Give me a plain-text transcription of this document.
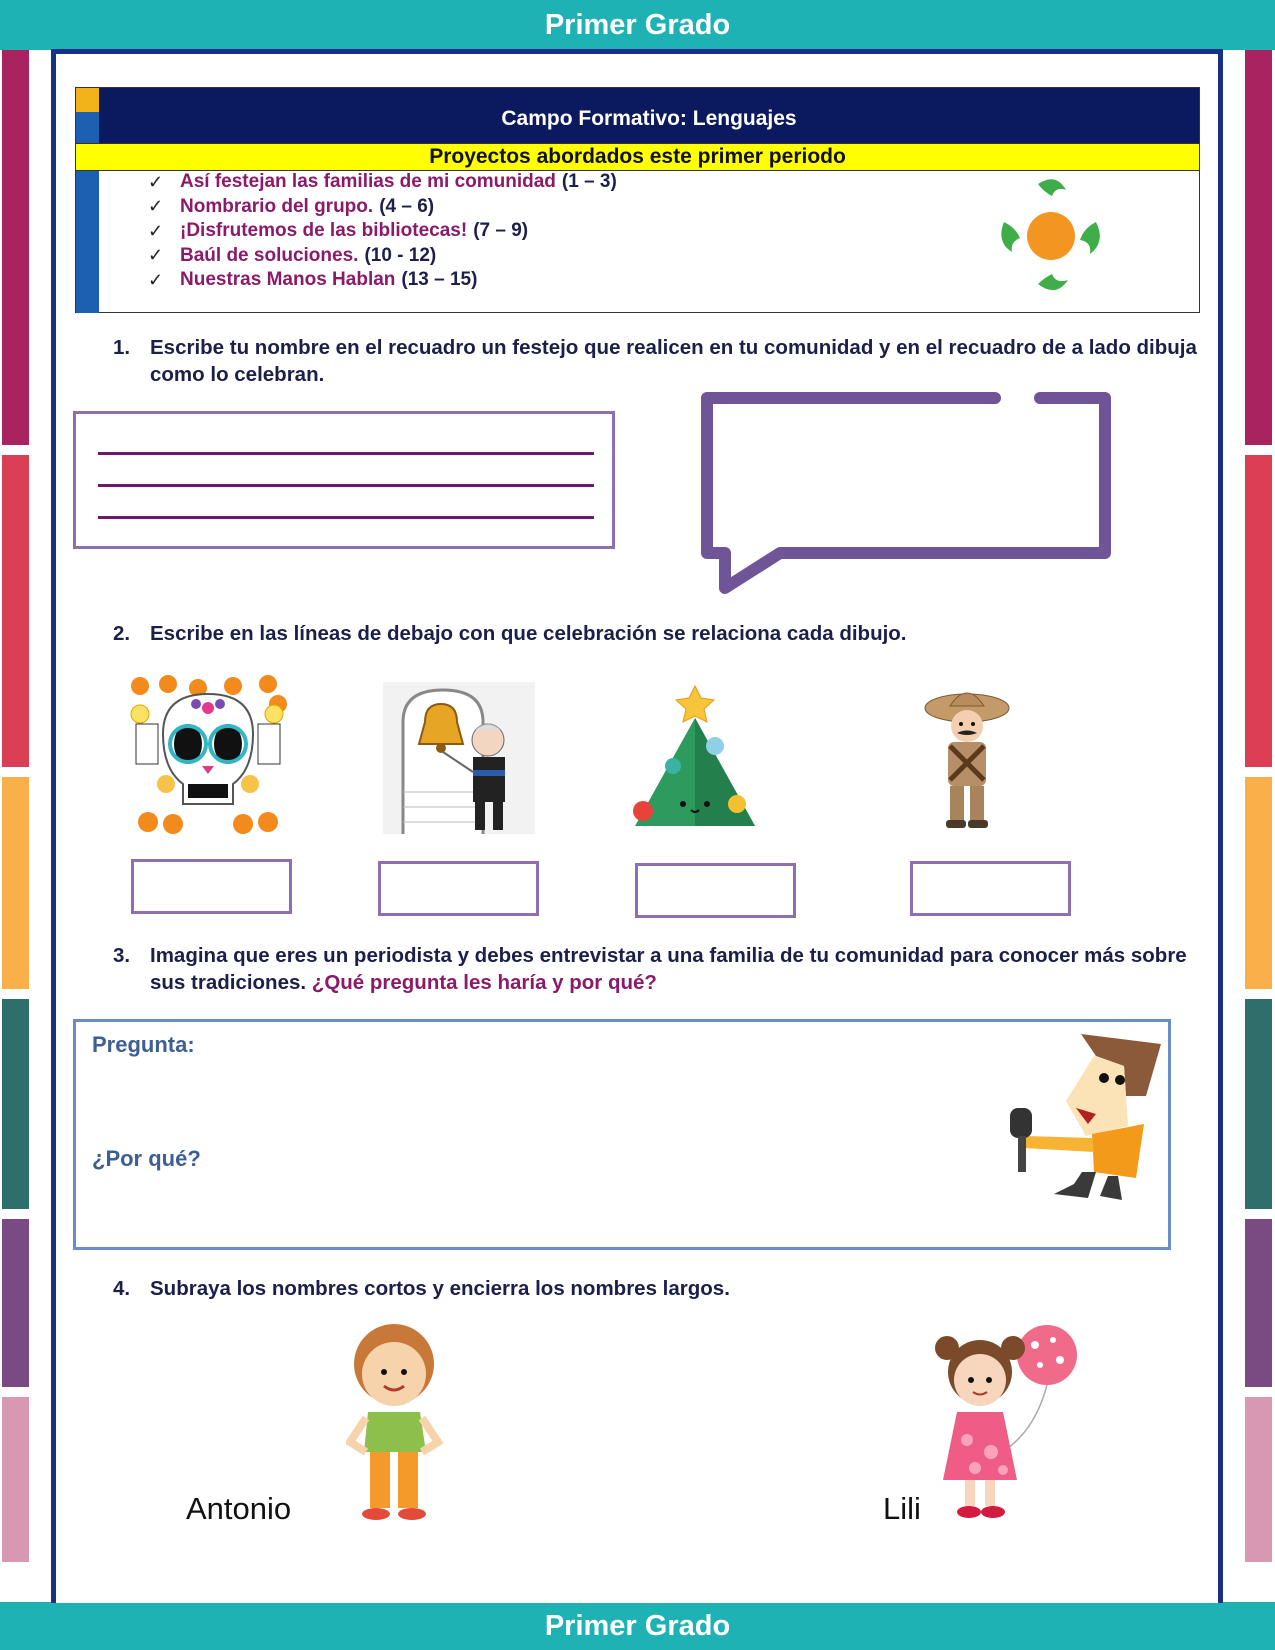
Primer Grado
Primer Grado
Campo Formativo: Lenguajes
Proyectos abordados este primer periodo
✓ Así festejan las familias de mi comunidad (1 – 3)
✓ Nombrario del grupo. (4 – 6)
✓ ¡Disfrutemos de las bibliotecas! (7 – 9)
✓ Baúl de soluciones. (10 - 12)
✓ Nuestras Manos Hablan (13 – 15)
1. Escribe tu nombre en el recuadro un festejo que realicen en tu comunidad y en el recuadro de a lado dibuja como lo celebran.
2. Escribe en las líneas de debajo con que celebración se relaciona cada dibujo.
3. Imagina que eres un periodista y debes entrevistar a una familia de tu comunidad para conocer más sobre sus tradiciones. ¿Qué pregunta les haría y por qué?
Pregunta:
¿Por qué?
4. Subraya los nombres cortos y encierra los nombres largos.
Antonio	Lili
